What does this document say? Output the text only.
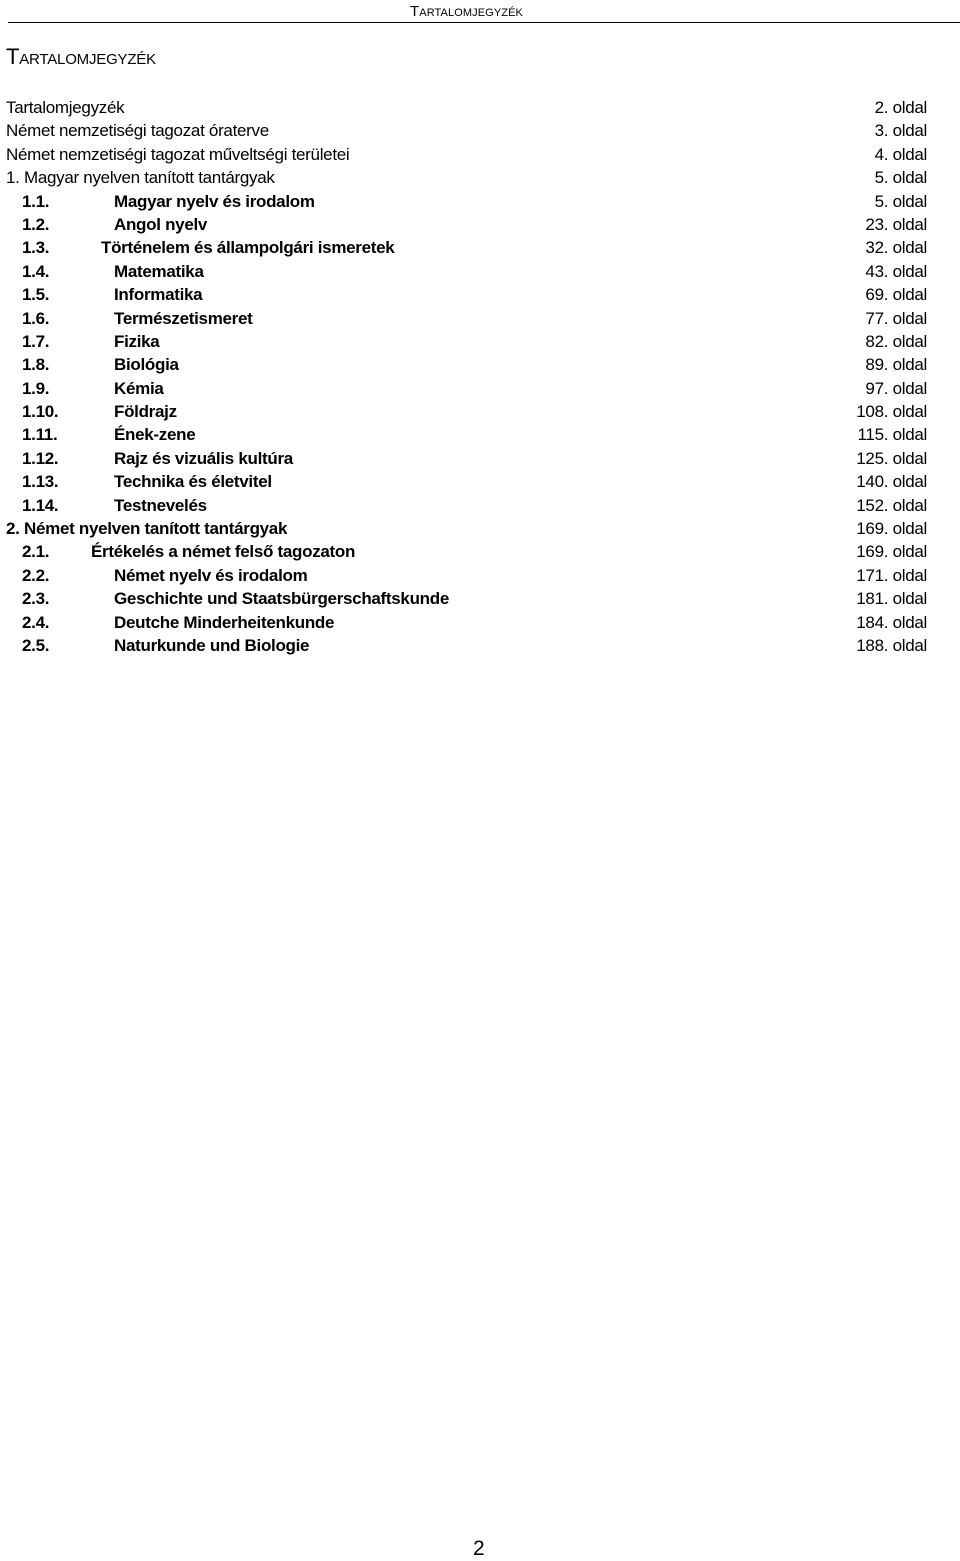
Tartalomjegyzék
Tartalomjegyzék
Tartalomjegyzék	2. oldal
Német nemzetiségi tagozat óraterve	3. oldal
Német nemzetiségi tagozat műveltségi területei	4. oldal
1. Magyar nyelven tanított tantárgyak	5. oldal
1.1.	Magyar nyelv és irodalom	5. oldal
1.2.	Angol nyelv	23. oldal
1.3.	Történelem és állampolgári ismeretek	32. oldal
1.4.	Matematika	43. oldal
1.5.	Informatika	69. oldal
1.6.	Természetismeret	77. oldal
1.7.	Fizika	82. oldal
1.8.	Biológia	89. oldal
1.9.	Kémia	97. oldal
1.10.	Földrajz	108. oldal
1.11.	Ének-zene	115. oldal
1.12.	Rajz és vizuális kultúra	125. oldal
1.13.	Technika és életvitel	140. oldal
1.14.	Testnevelés	152. oldal
2. Német nyelven tanított tantárgyak	169. oldal
2.1. Értékelés a német felső tagozaton	169. oldal
2.2.	Német nyelv és irodalom	171. oldal
2.3.	Geschichte und Staatsbürgerschaftskunde	181. oldal
2.4.	Deutche Minderheitenkunde	184. oldal
2.5.	Naturkunde und Biologie	188. oldal
2
